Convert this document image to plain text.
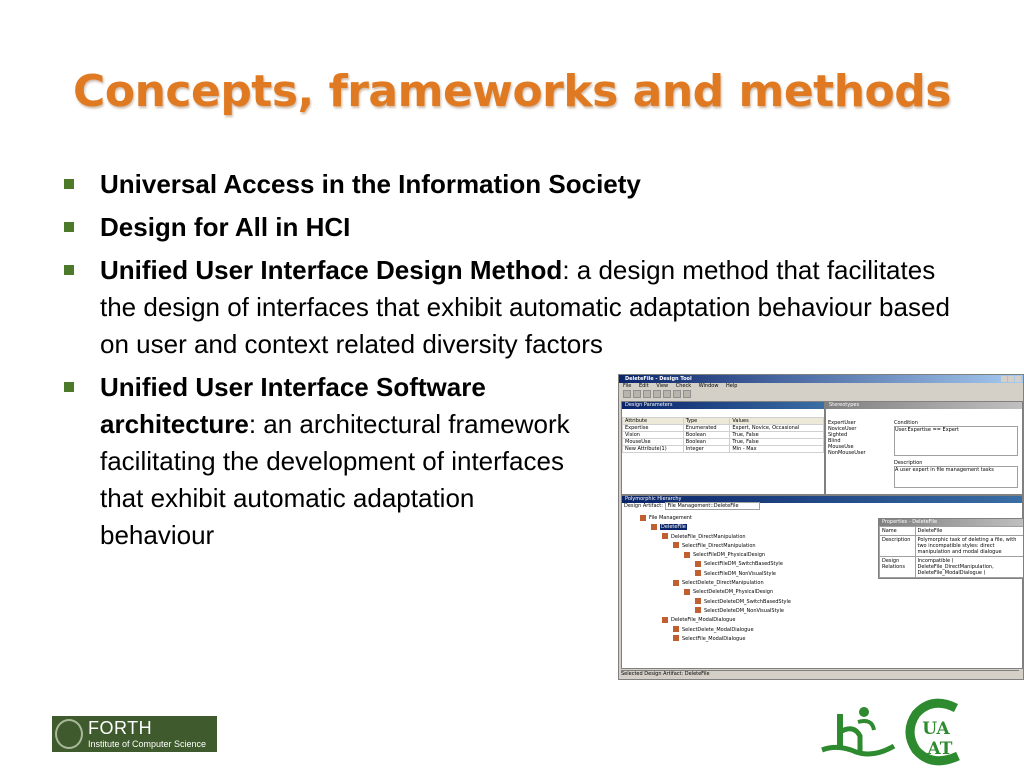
Concepts, frameworks and methods
Universal Access in the Information Society
Design for All in HCI
Unified User Interface Design Method: a design method that facilitates the design of interfaces that exhibit automatic adaptation behaviour based on user and context related diversity factors
Unified User Interface Software architecture: an architectural framework facilitating the development of interfaces that exhibit automatic adaptation behaviour
DeleteFile - Design Tool
File Edit View Check Window Help
Design Parameters
Attribute	Type	Values
Expertise	Enumerated	Expert, Novice, Occasional
Vision	Boolean	True, False
MouseUse	Boolean	True, False
New Attribute(1)	Integer	Min - Max
Stereotypes
ExpertUser
NoviceUser
Sighted
Blind
MouseUse
NonMouseUser
Condition
User.Expertise == Expert
Description
A user expert in file management tasks
Polymorphic Hierarchy
Design Artifact: File Management::DeleteFile
File Management
DeleteFile
DeleteFile_DirectManipulation
SelectFile_DirectManipulation
SelectFileDM_PhysicalDesign
SelectFileDM_SwitchBasedStyle
SelectFileDM_NonVisualStyle
SelectDelete_DirectManipulation
SelectDeleteDM_PhysicalDesign
SelectDeleteDM_SwitchBasedStyle
SelectDeleteDM_NonVisualStyle
DeleteFile_ModalDialogue
SelectDelete_ModalDialogue
SelectFile_ModalDialogue
Properties - DeleteFile
Name	DeleteFile
Description	Polymorphic task of deleting a file, with two incompatible styles: direct manipulation and modal dialogue
Design Relations	Incompatible ( DeleteFile_DirectManipulation, DeleteFile_ModalDialogue )
Selected Design Artifact: DeleteFile
FORTH
Institute of Computer Science
UA
AT
